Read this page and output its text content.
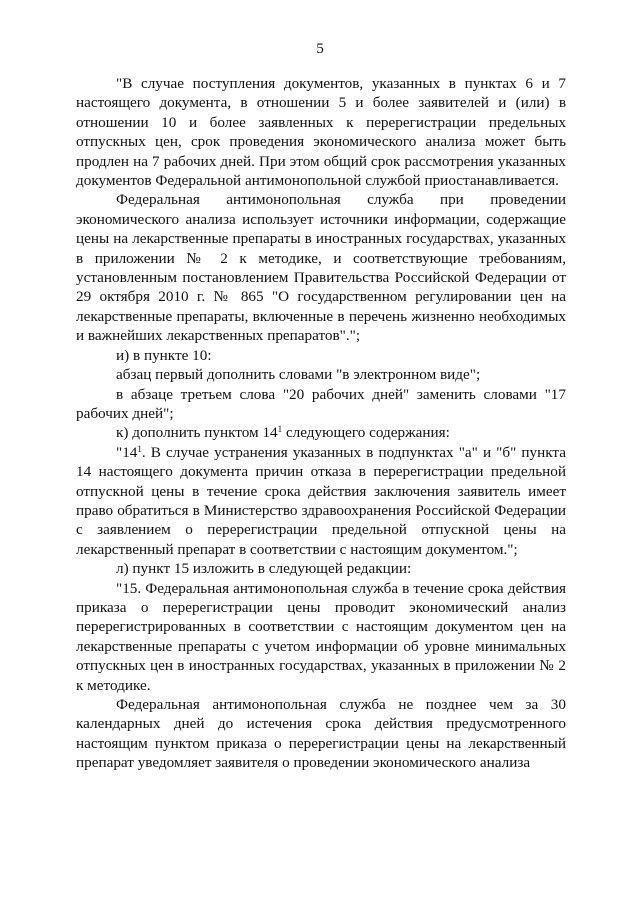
5

"В случае поступления документов, указанных в пунктах 6 и 7 настоящего документа, в отношении 5 и более заявителей и (или) в отношении 10 и более заявленных к перерегистрации предельных отпускных цен, срок проведения экономического анализа может быть продлен на 7 рабочих дней. При этом общий срок рассмотрения указанных документов Федеральной антимонопольной службой приостанавливается.

Федеральная антимонопольная служба при проведении экономического анализа использует источники информации, содержащие цены на лекарственные препараты в иностранных государствах, указанных в приложении № 2 к методике, и соответствующие требованиям, установленным постановлением Правительства Российской Федерации от 29 октября 2010 г. № 865 "О государственном регулировании цен на лекарственные препараты, включенные в перечень жизненно необходимых и важнейших лекарственных препаратов".";

и) в пункте 10:

абзац первый дополнить словами "в электронном виде";

в абзаце третьем слова "20 рабочих дней" заменить словами "17 рабочих дней";

к) дополнить пунктом $14^1$ следующего содержания:

"$14^1$. В случае устранения указанных в подпунктах "а" и "б" пункта 14 настоящего документа причин отказа в перерегистрации предельной отпускной цены в течение срока действия заключения заявитель имеет право обратиться в Министерство здравоохранения Российской Федерации с заявлением о перерегистрации предельной отпускной цены на лекарственный препарат в соответствии с настоящим документом.";

л) пункт 15 изложить в следующей редакции:

"15. Федеральная антимонопольная служба в течение срока действия приказа о перерегистрации цены проводит экономический анализ перерегистрированных в соответствии с настоящим документом цен на лекарственные препараты с учетом информации об уровне минимальных отпускных цен в иностранных государствах, указанных в приложении № 2 к методике.

Федеральная антимонопольная служба не позднее чем за 30 календарных дней до истечения срока действия предусмотренного настоящим пунктом приказа о перерегистрации цены на лекарственный препарат уведомляет заявителя о проведении экономического анализа
